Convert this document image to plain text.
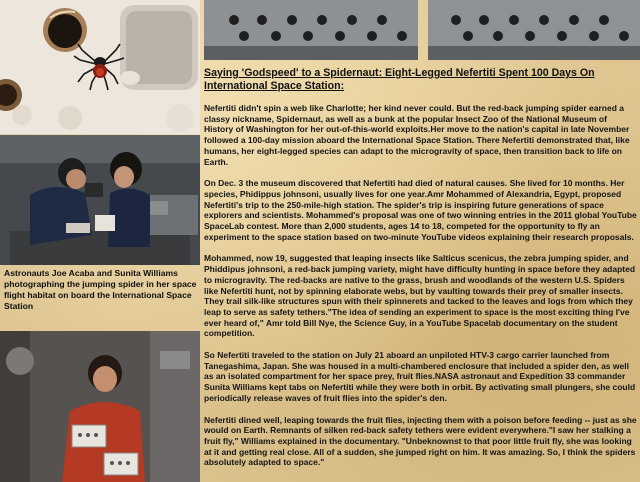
Astronauts Joe Acaba and Sunita Williams photographing the jumping spider in her space flight habitat on board the International Space Station
Saying 'Godspeed' to a Spidernaut: Eight-Legged Nefertiti Spent 100 Days On International Space Station:

Nefertiti didn't spin a web like Charlotte; her kind never could. But the red-back jumping spider earned a classy nickname, Spidernaut, as well as a bunk at the popular Insect Zoo of the National Museum of History of Washington for her out-of-this-world exploits.Her move to the nation's capital in late November followed a 100-day mission aboard the International Space Station. There Nefertiti demonstrated that, like humans, her eight-legged species can adapt to the microgravity of space, then transition back to life on Earth.

On Dec. 3 the museum discovered that Nefertiti had died of natural causes. She lived for 10 months. Her species, Phidippus johnsoni, usually lives for one year.Amr Mohammed of Alexandria, Egypt, proposed Nefertiti's trip to the 250-mile-high station. The spider's trip is inspiring future generations of space explorers and scientists. Mohammed's proposal was one of two winning entries in the 2011 global YouTube SpaceLab contest. More than 2,000 students, ages 14 to 18, competed for the opportunity to fly an experiment to the space station based on two-minute YouTube videos explaining their research proposals.

Mohammed, now 19, suggested that leaping insects like Salticus scenicus, the zebra jumping spider, and Phiddipus johnsoni, a red-back jumping variety, might have difficulty hunting in space before they adapted to microgravity. The red-backs are native to the grass, brush and woodlands of the western U.S. Spiders like Nefertiti hunt, not by spinning elaborate webs, but by vaulting towards their prey of smaller insects. They trail silk-like structures spun with their spinnerets and tacked to the leaves and logs from which they leap to serve as safety tethers."The idea of sending an experiment to space is the most exciting thing I've ever heard of," Amr told Bill Nye, the Science Guy, in a YouTube Spacelab documentary on the student competition.

So Nefertiti traveled to the station on July 21 aboard an unpiloted HTV-3 cargo carrier launched from Tanegashima, Japan. She was housed in a multi-chambered enclosure that included a spider den, as well as an isolated compartment for her space prey, fruit flies.NASA astronaut and Expedition 33 commander Sunita Williams kept tabs on Nefertiti while they were both in orbit. By activating small plungers, she could periodically release waves of fruit flies into the spider's den.

Nefertiti dined well, leaping towards the fruit flies, injecting them with a poison before feeding -- just as she would on Earth. Remnants of silken red-back safety tethers were evident everywhere."I saw her stalking a fruit fly," Williams explained in the documentary. "Unbeknownst to that poor little fruit fly, she was looking at it and getting real close. All of a sudden, she jumped right on him. It was amazing. So, I think the spiders absolutely adapted to space."
